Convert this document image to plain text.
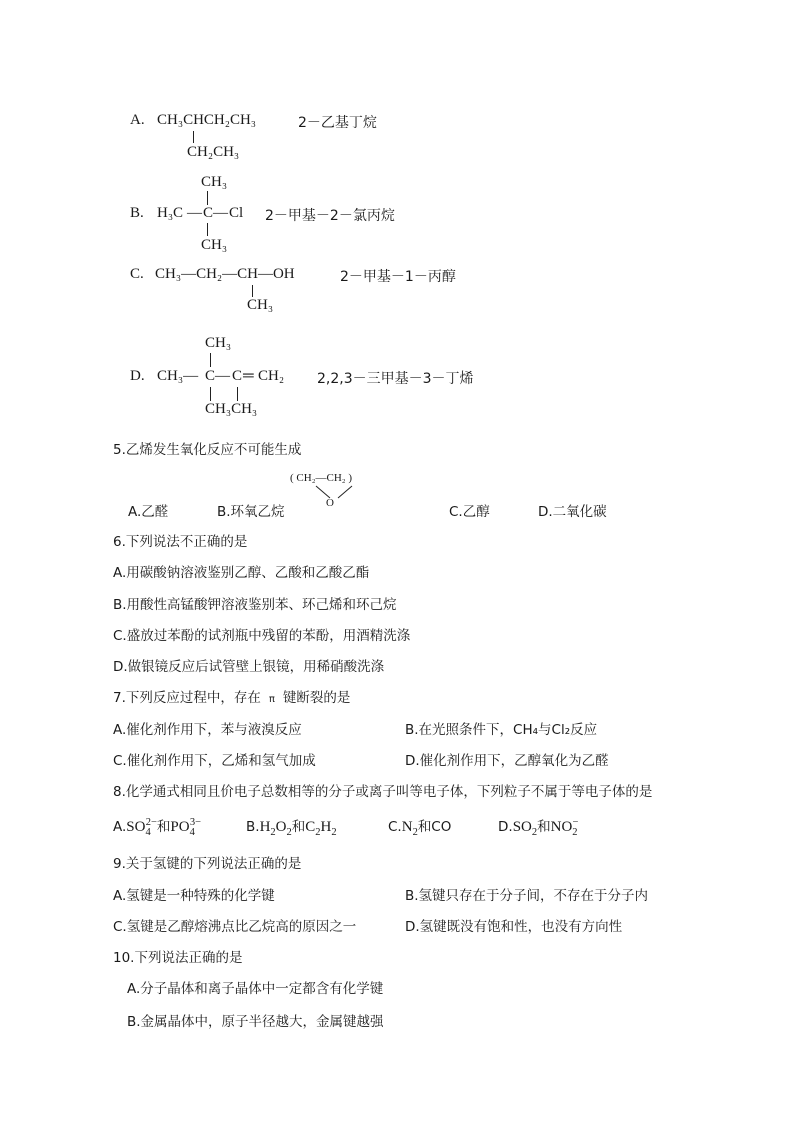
A. CH₃CHCH₂CH₃
CH₂CH₃
2－乙基丁烷
CH₃
B. H₃C — C — Cl
CH₃
2－甲基－2－氯丙烷
C. CH₃—CH₂—CH—OH
CH₃
2－甲基－1－丙醇
CH₃
D. CH₃— C — C ═ CH₂
CH₃CH₃
2,2,3－三甲基－3－丁烯
5.乙烯发生氧化反应不可能生成
( CH₂—CH₂ )
O
A.乙醛	B.环氧乙烷	C.乙醇	D.二氧化碳
6.下列说法不正确的是
A.用碳酸钠溶液鉴别乙醇、乙酸和乙酸乙酯
B.用酸性高锰酸钾溶液鉴别苯、环己烯和环己烷
C.盛放过苯酚的试剂瓶中残留的苯酚，用酒精洗涤
D.做银镜反应后试管壁上银镜，用稀硝酸洗涤
7.下列反应过程中，存在 π 键断裂的是
A.催化剂作用下，苯与液溴反应	B.在光照条件下，CH₄与Cl₂反应
C.催化剂作用下，乙烯和氢气加成	D.催化剂作用下，乙醇氧化为乙醛
8.化学通式相同且价电子总数相等的分子或离子叫等电子体，下列粒子不属于等电子体的是
$A.SO_4^{2-}$和$PO_4^{3-}$	$B.H_2O_2$和$C_2H_2$	$C.N_2$和CO	$D.SO_2$和$NO_2^-$
9.关于氢键的下列说法正确的是
A.氢键是一种特殊的化学键	B.氢键只存在于分子间，不存在于分子内
C.氢键是乙醇熔沸点比乙烷高的原因之一	D.氢键既没有饱和性，也没有方向性
10.下列说法正确的是
A.分子晶体和离子晶体中一定都含有化学键
B.金属晶体中，原子半径越大，金属键越强
